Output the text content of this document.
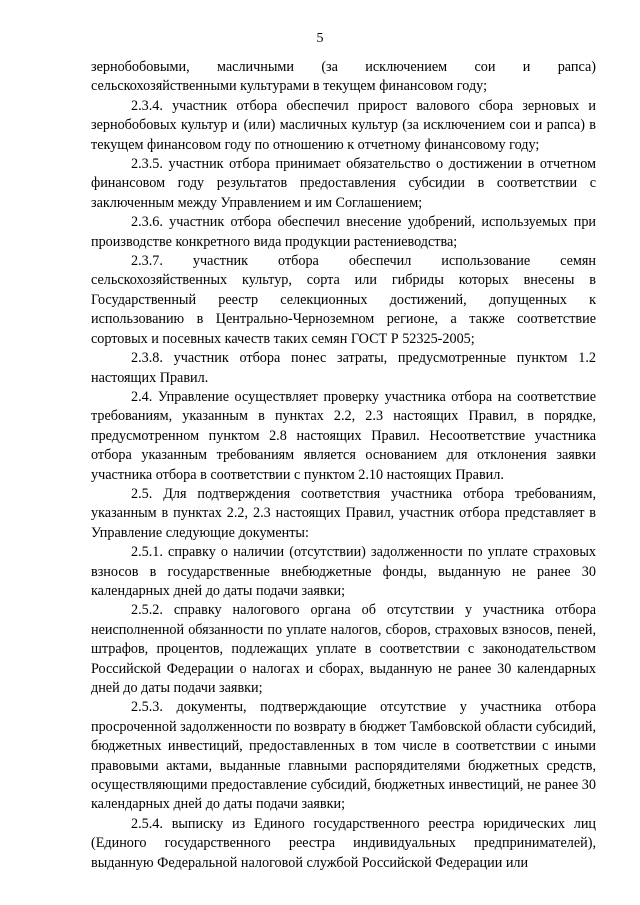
5

зернобобовыми, масличными (за исключением сои и рапса) сельскохозяйственными культурами в текущем финансовом году;

2.3.4. участник отбора обеспечил прирост валового сбора зерновых и зернобобовых культур и (или) масличных культур (за исключением сои и рапса) в текущем финансовом году по отношению к отчетному финансовому году;

2.3.5. участник отбора принимает обязательство о достижении в отчетном финансовом году результатов предоставления субсидии в соответствии с заключенным между Управлением и им Соглашением;

2.3.6. участник отбора обеспечил внесение удобрений, используемых при производстве конкретного вида продукции растениеводства;

2.3.7. участник отбора обеспечил использование семян сельскохозяйственных культур, сорта или гибриды которых внесены в Государственный реестр селекционных достижений, допущенных к использованию в Центрально-Черноземном регионе, а также соответствие сортовых и посевных качеств таких семян ГОСТ Р 52325-2005;

2.3.8. участник отбора понес затраты, предусмотренные пунктом 1.2 настоящих Правил.

2.4. Управление осуществляет проверку участника отбора на соответствие требованиям, указанным в пунктах 2.2, 2.3 настоящих Правил, в порядке, предусмотренном пунктом 2.8 настоящих Правил. Несоответствие участника отбора указанным требованиям является основанием для отклонения заявки участника отбора в соответствии с пунктом 2.10 настоящих Правил.

2.5. Для подтверждения соответствия участника отбора требованиям, указанным в пунктах 2.2, 2.3 настоящих Правил, участник отбора представляет в Управление следующие документы:

2.5.1. справку о наличии (отсутствии) задолженности по уплате страховых взносов в государственные внебюджетные фонды, выданную не ранее 30 календарных дней до даты подачи заявки;

2.5.2. справку налогового органа об отсутствии у участника отбора неисполненной обязанности по уплате налогов, сборов, страховых взносов, пеней, штрафов, процентов, подлежащих уплате в соответствии с законодательством Российской Федерации о налогах и сборах, выданную не ранее 30 календарных дней до даты подачи заявки;

2.5.3. документы, подтверждающие отсутствие у участника отбора просроченной задолженности по возврату в бюджет Тамбовской области субсидий, бюджетных инвестиций, предоставленных в том числе в соответствии с иными правовыми актами, выданные главными распорядителями бюджетных средств, осуществляющими предоставление субсидий, бюджетных инвестиций, не ранее 30 календарных дней до даты подачи заявки;

2.5.4. выписку из Единого государственного реестра юридических лиц (Единого государственного реестра индивидуальных предпринимателей), выданную Федеральной налоговой службой Российской Федерации или
